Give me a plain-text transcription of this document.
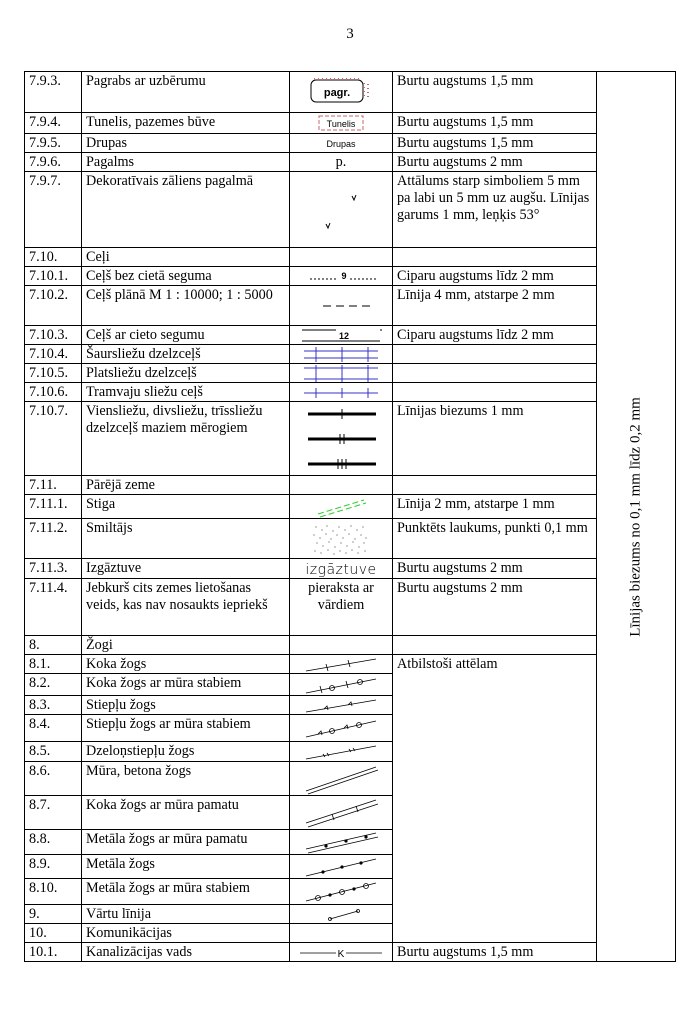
3
7.9.3.	Pagrabs ar uzbērumu	pagr.	Burtu augstums 1,5 mm	Līnijas biezums no 0,1 mm līdz 0,2 mm

7.9.4.	Tunelis, pazemes būve	Tunelis	Burtu augstums 1,5 mm	
7.9.5.	Drupas	Drupas	Burtu augstums 1,5 mm	
7.9.6.	Pagalms	p.	Burtu augstums 2 mm	
7.9.7.	Dekoratīvais zāliens pagalmā		Attālums starp simboliem 5 mm pa labi un 5 mm uz augšu. Līnijas garums 1 mm, leņķis 53°	
7.10.	Ceļi			
7.10.1.	Ceļš bez cietā seguma	9	Ciparu augstums līdz 2 mm	
7.10.2.	Ceļš plānā M 1 : 10000; 1 : 5000		Līnija 4 mm, atstarpe 2 mm	
7.10.3.	Ceļš ar cieto segumu	12	Ciparu augstums līdz 2 mm	
7.10.4.	Šaursliežu dzelzceļš	

7.10.5.	Platsliežu dzelzceļš	

7.10.6.	Tramvaju sliežu ceļš	

7.10.7.	Viensliežu, divsliežu, trīssliežu dzelzceļš maziem mērogiem		Līnijas biezums 1 mm	
7.11.	Pārējā zeme			
7.11.1.	Stiga		Līnija 2 mm, atstarpe 1 mm	
7.11.2.	Smiltājs		Punktēts laukums, punkti 0,1 mm	
7.11.3.	Izgāztuve	izgāztuve	Burtu augstums 2 mm	
7.11.4.	Jebkurš cits zemes lietošanas veids, kas nav nosaukts iepriekš	pieraksta ar vārdiem	Burtu augstums 2 mm	
8.	Žogi			
8.1.	Koka žogs		Atbilstoši attēlam	
8.2.	Koka žogs ar mūra stabiem	

8.3.	Stiepļu žogs	

8.4.	Stiepļu žogs ar mūra stabiem	

8.5.	Dzeloņstiepļu žogs	

8.6.	Mūra, betona žogs	

8.7.	Koka žogs ar mūra pamatu	

8.8.	Metāla žogs ar mūra pamatu	

8.9.	Metāla žogs	

8.10.	Metāla žogs ar mūra stabiem	

9.	Vārtu līnija	

10.	Komunikācijas			
10.1.	Kanalizācijas vads	K	Burtu augstums 1,5 mm	
